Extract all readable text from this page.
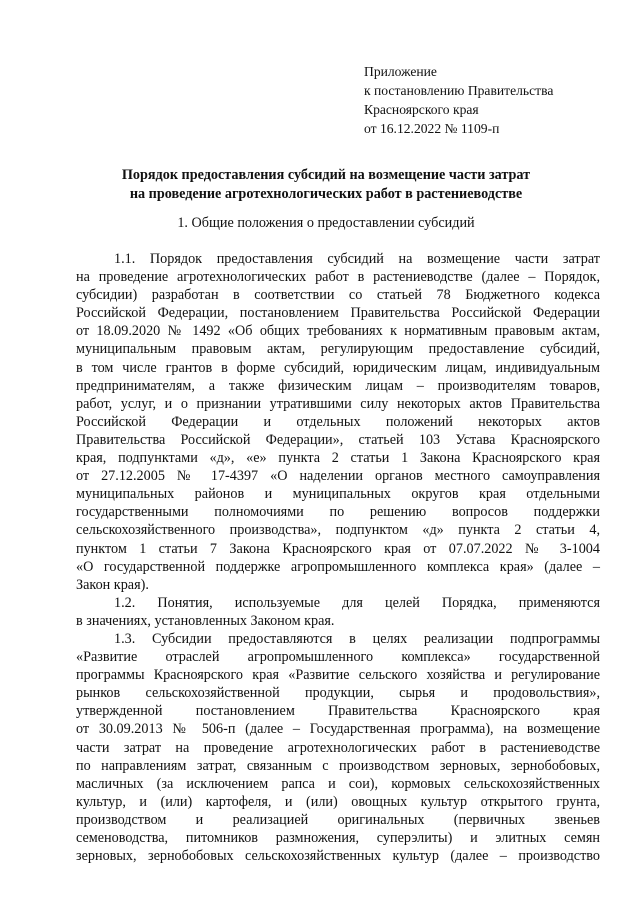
Приложение
к постановлению Правительства
Красноярского края
от 16.12.2022 № 1109-п
Порядок предоставления субсидий на возмещение части затрат
на проведение агротехнологических работ в растениеводстве
1. Общие положения о предоставлении субсидий
1.1. Порядок предоставления субсидий на возмещение части затрат
на проведение агротехнологических работ в растениеводстве (далее – Порядок,
субсидии) разработан в соответствии со статьей 78 Бюджетного кодекса
Российской Федерации, постановлением Правительства Российской Федерации
от 18.09.2020 № 1492 «Об общих требованиях к нормативным правовым актам,
муниципальным правовым актам, регулирующим предоставление субсидий,
в том числе грантов в форме субсидий, юридическим лицам, индивидуальным
предпринимателям, а также физическим лицам – производителям товаров,
работ, услуг, и о признании утратившими силу некоторых актов Правительства
Российской Федерации и отдельных положений некоторых актов
Правительства Российской Федерации», статьей 103 Устава Красноярского
края, подпунктами «д», «е» пункта 2 статьи 1 Закона Красноярского края
от 27.12.2005 № 17-4397 «О наделении органов местного самоуправления
муниципальных районов и муниципальных округов края отдельными
государственными полномочиями по решению вопросов поддержки
сельскохозяйственного производства», подпунктом «д» пункта 2 статьи 4,
пунктом 1 статьи 7 Закона Красноярского края от 07.07.2022 № 3-1004
«О государственной поддержке агропромышленного комплекса края» (далее –
Закон края).
1.2. Понятия, используемые для целей Порядка, применяются
в значениях, установленных Законом края.
1.3. Субсидии предоставляются в целях реализации подпрограммы
«Развитие отраслей агропромышленного комплекса» государственной
программы Красноярского края «Развитие сельского хозяйства и регулирование
рынков сельскохозяйственной продукции, сырья и продовольствия»,
утвержденной постановлением Правительства Красноярского края
от 30.09.2013 № 506-п (далее – Государственная программа), на возмещение
части затрат на проведение агротехнологических работ в растениеводстве
по направлениям затрат, связанным с производством зерновых, зернобобовых,
масличных (за исключением рапса и сои), кормовых сельскохозяйственных
культур, и (или) картофеля, и (или) овощных культур открытого грунта,
производством и реализацией оригинальных (первичных звеньев
семеноводства, питомников размножения, суперэлиты) и элитных семян
зерновых, зернобобовых сельскохозяйственных культур (далее – производство
